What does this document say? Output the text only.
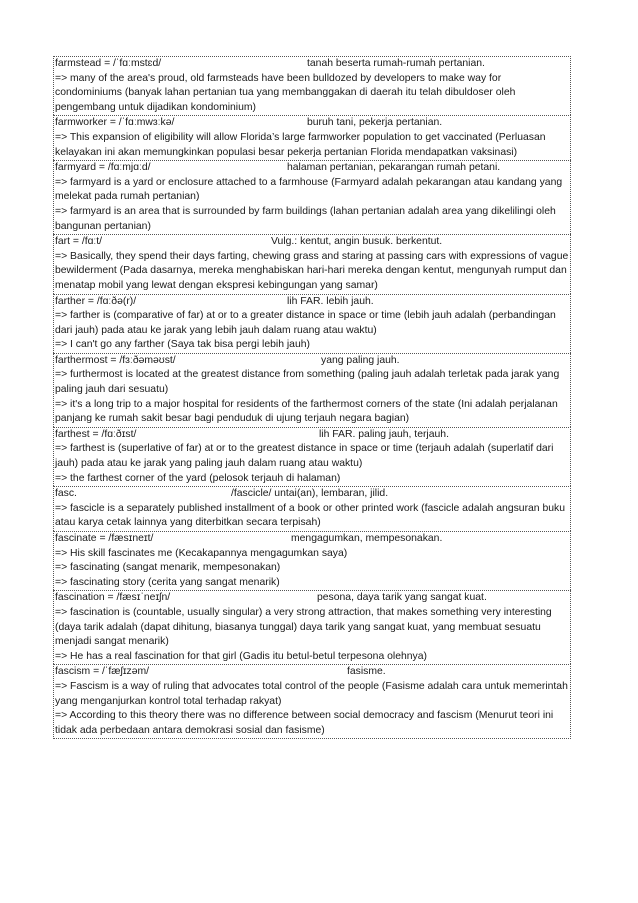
farmstead = /ˈfɑːmstɛd/	tanah beserta rumah-rumah pertanian.
=> many of the area's proud, old farmsteads have been bulldozed by developers to make way for condominiums (banyak lahan pertanian tua yang membanggakan di daerah itu telah dibuldoser oleh pengembang untuk dijadikan kondominium)
farmworker = /ˈfɑːmwɜːkə/	buruh tani, pekerja pertanian.
=> This expansion of eligibility will allow Florida’s large farmworker population to get vaccinated (Perluasan kelayakan ini akan memungkinkan populasi besar pekerja pertanian Florida mendapatkan vaksinasi)
farmyard = /fɑːmjɑːd/	halaman pertanian, pekarangan rumah petani.
=> farmyard is a yard or enclosure attached to a farmhouse (Farmyard adalah pekarangan atau kandang yang melekat pada rumah pertanian)
=> farmyard is an area that is surrounded by farm buildings (lahan pertanian adalah area yang dikelilingi oleh bangunan pertanian)
fart = /fɑːt/	Vulg.: kentut, angin busuk. berkentut.
=> Basically, they spend their days farting, chewing grass and staring at passing cars with expressions of vague bewilderment (Pada dasarnya, mereka menghabiskan hari-hari mereka dengan kentut, mengunyah rumput dan menatap mobil yang lewat dengan ekspresi kebingungan yang samar)
farther = /fɑːðə(r)/	lih FAR. lebih jauh.
=> farther is (comparative of far) at or to a greater distance in space or time (lebih jauh adalah (perbandingan dari jauh) pada atau ke jarak yang lebih jauh dalam ruang atau waktu)
=> I can't go any farther (Saya tak bisa pergi lebih jauh)
farthermost = /fɜːðəməʊst/	yang paling jauh.
=> furthermost is located at the greatest distance from something (paling jauh adalah terletak pada jarak yang paling jauh dari sesuatu)
=> it's a long trip to a major hospital for residents of the farthermost corners of the state (Ini adalah perjalanan panjang ke rumah sakit besar bagi penduduk di ujung terjauh negara bagian)
farthest = /fɑːðɪst/	lih FAR. paling jauh, terjauh.
=> farthest is (superlative of far) at or to the greatest distance in space or time (terjauh adalah (superlatif dari jauh) pada atau ke jarak yang paling jauh dalam ruang atau waktu)
=> the farthest corner of the yard (pelosok terjauh di halaman)
fasc.	/fascicle/ untai(an), lembaran, jilid.
=> fascicle is a separately published installment of a book or other printed work (fascicle adalah angsuran buku atau karya cetak lainnya yang diterbitkan secara terpisah)
fascinate = /fæsɪneɪt/	mengagumkan, mempesonakan.
=> His skill fascinates me (Kecakapannya mengagumkan saya)
=> fascinating (sangat menarik, mempesonakan)
=> fascinating story (cerita yang sangat menarik)
fascination = /fæsɪˈneɪʃn/	pesona, daya tarik yang sangat kuat.
=> fascination is (countable, usually singular) a very strong attraction, that makes something very interesting (daya tarik adalah (dapat dihitung, biasanya tunggal) daya tarik yang sangat kuat, yang membuat sesuatu menjadi sangat menarik)
=> He has a real fascination for that girl (Gadis itu betul-betul terpesona olehnya)
fascism = /ˈfæʃɪzəm/	fasisme.
=> Fascism is a way of ruling that advocates total control of the people (Fasisme adalah cara untuk memerintah yang menganjurkan kontrol total terhadap rakyat)
=> According to this theory there was no difference between social democracy and fascism (Menurut teori ini tidak ada perbedaan antara demokrasi sosial dan fasisme)
